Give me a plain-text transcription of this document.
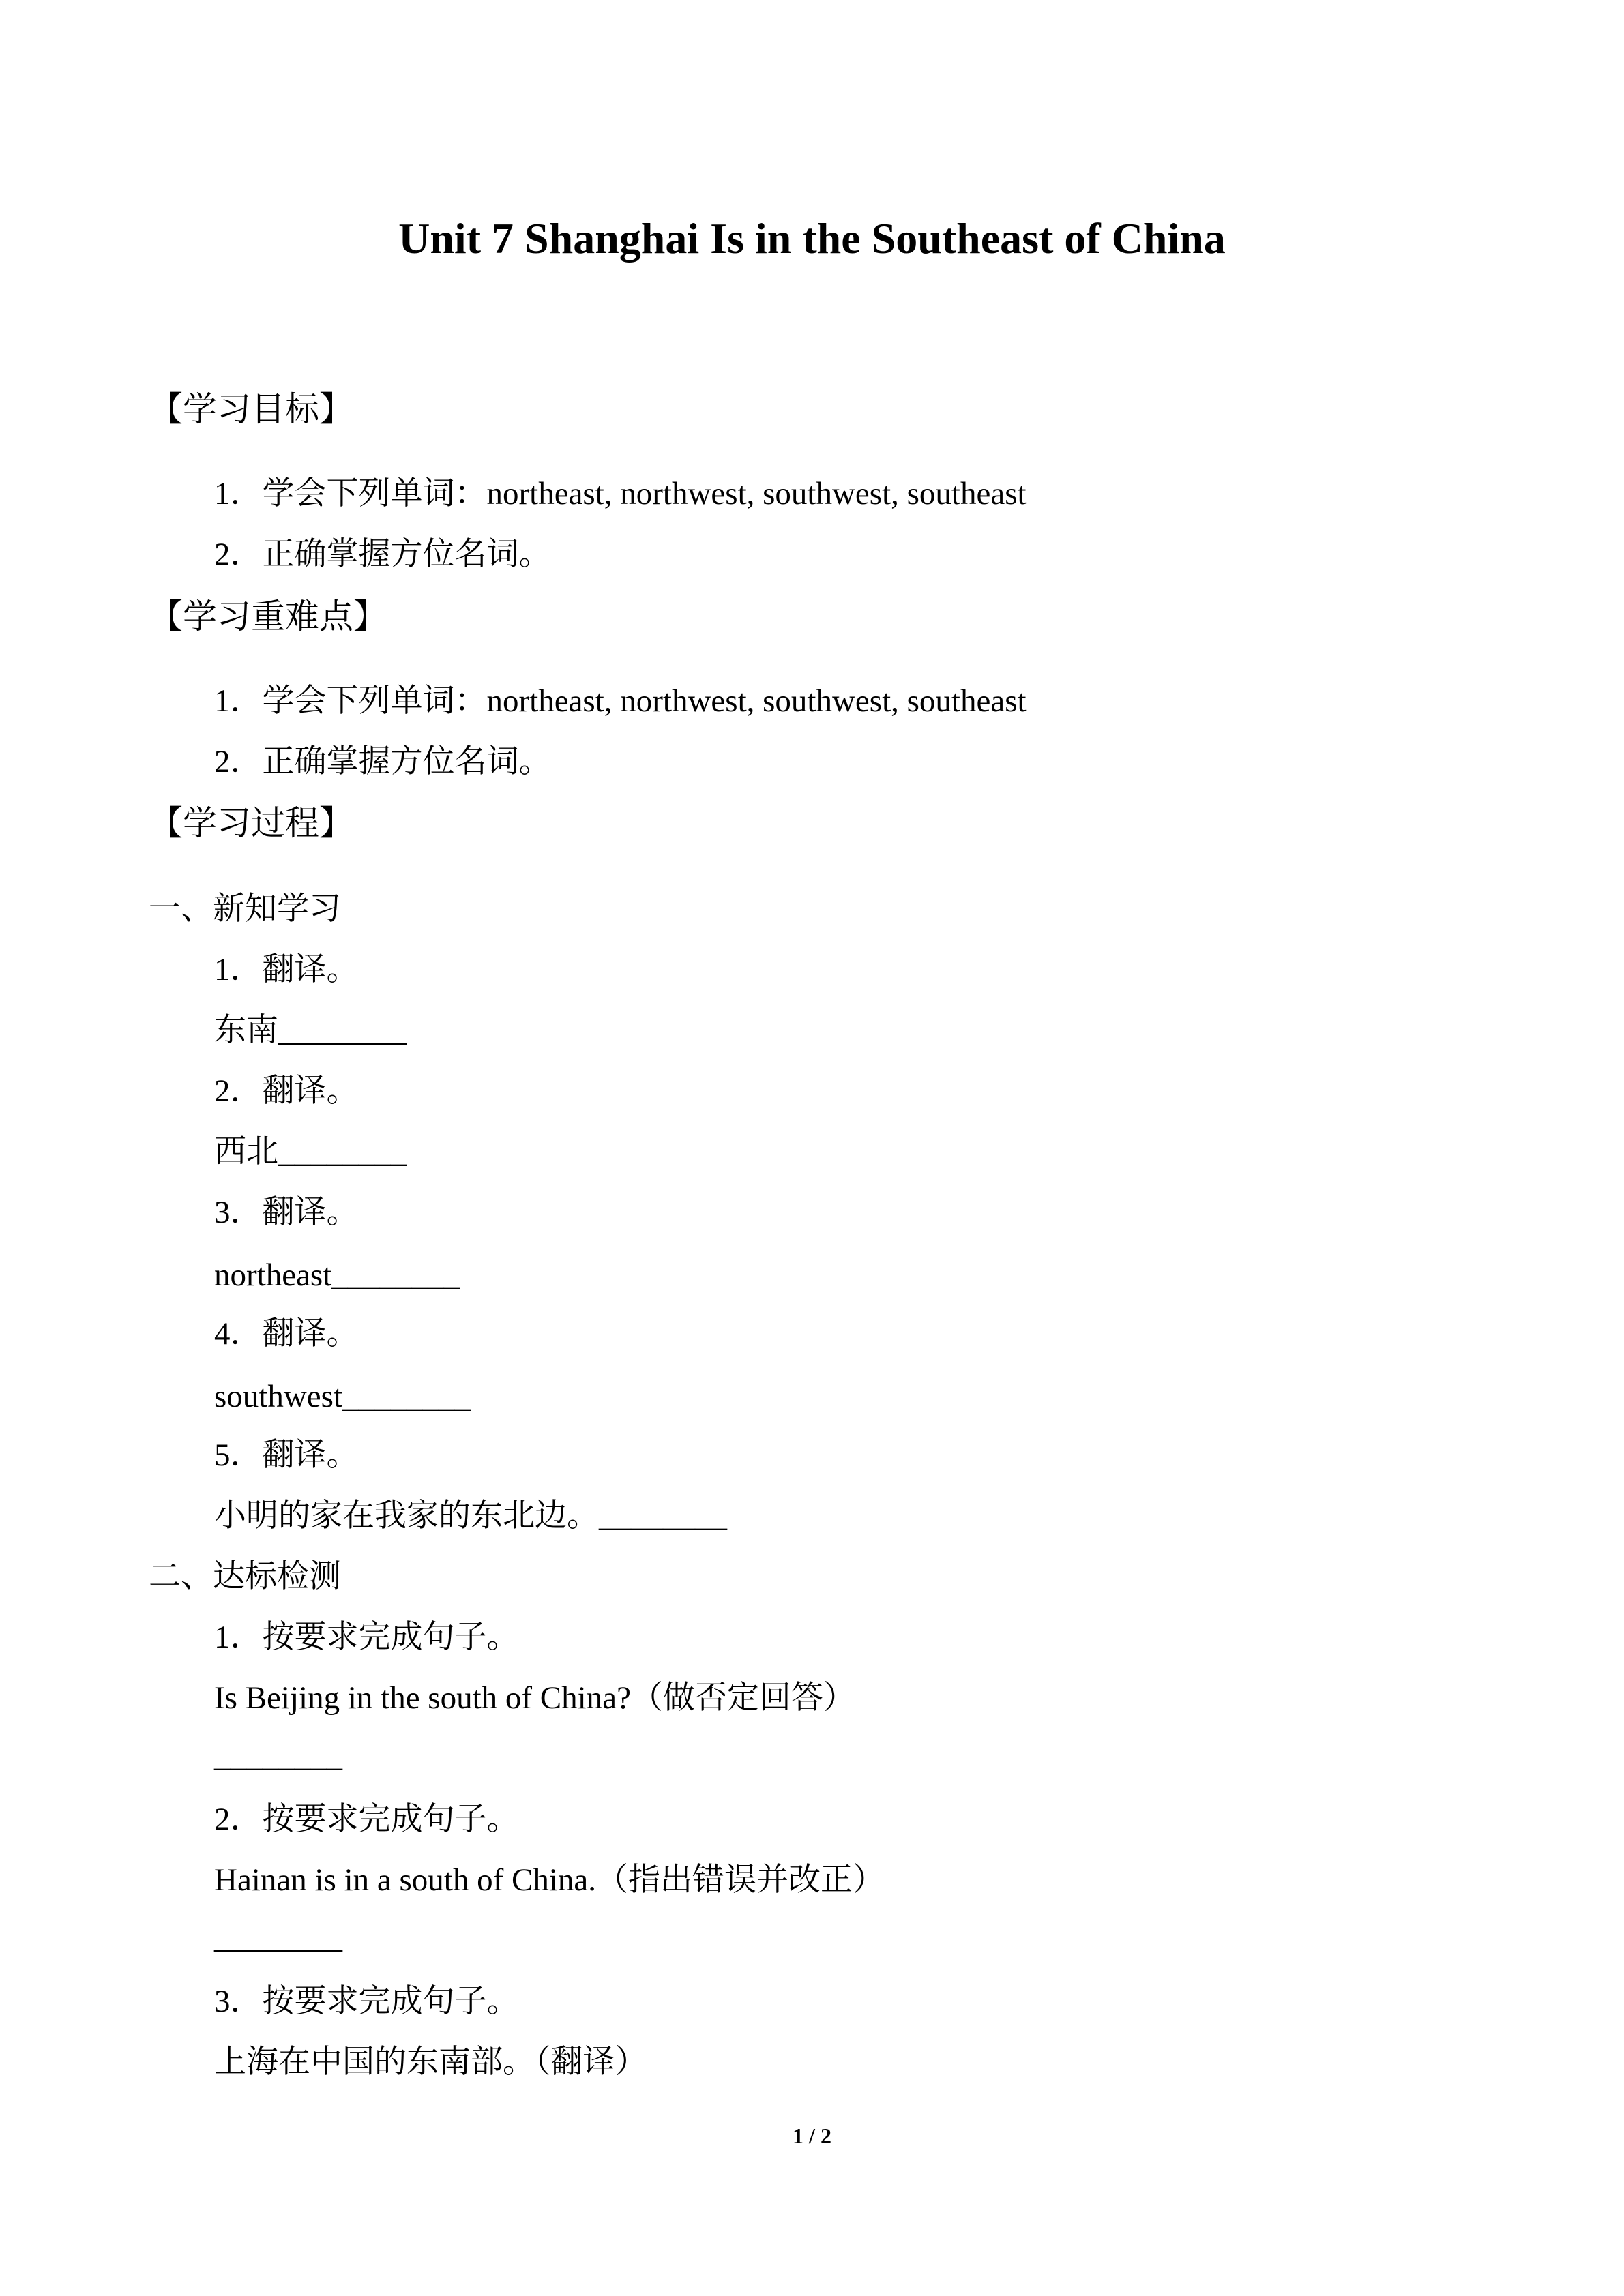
Unit 7 Shanghai Is in the Southeast of China
【学习目标】
1．学会下列单词：northeast, northwest, southwest, southeast
2．正确掌握方位名词。
【学习重难点】
1．学会下列单词：northeast, northwest, southwest, southeast
2．正确掌握方位名词。
【学习过程】
一、新知学习
1．翻译。
东南________
2．翻译。
西北________
3．翻译。
northeast________
4．翻译。
southwest________
5．翻译。
小明的家在我家的东北边。________
二、达标检测
1．按要求完成句子。
Is Beijing in the south of China?（做否定回答）
________
2．按要求完成句子。
Hainan is in a south of China.（指出错误并改正）
________
3．按要求完成句子。
上海在中国的东南部。（翻译）
1 / 2
